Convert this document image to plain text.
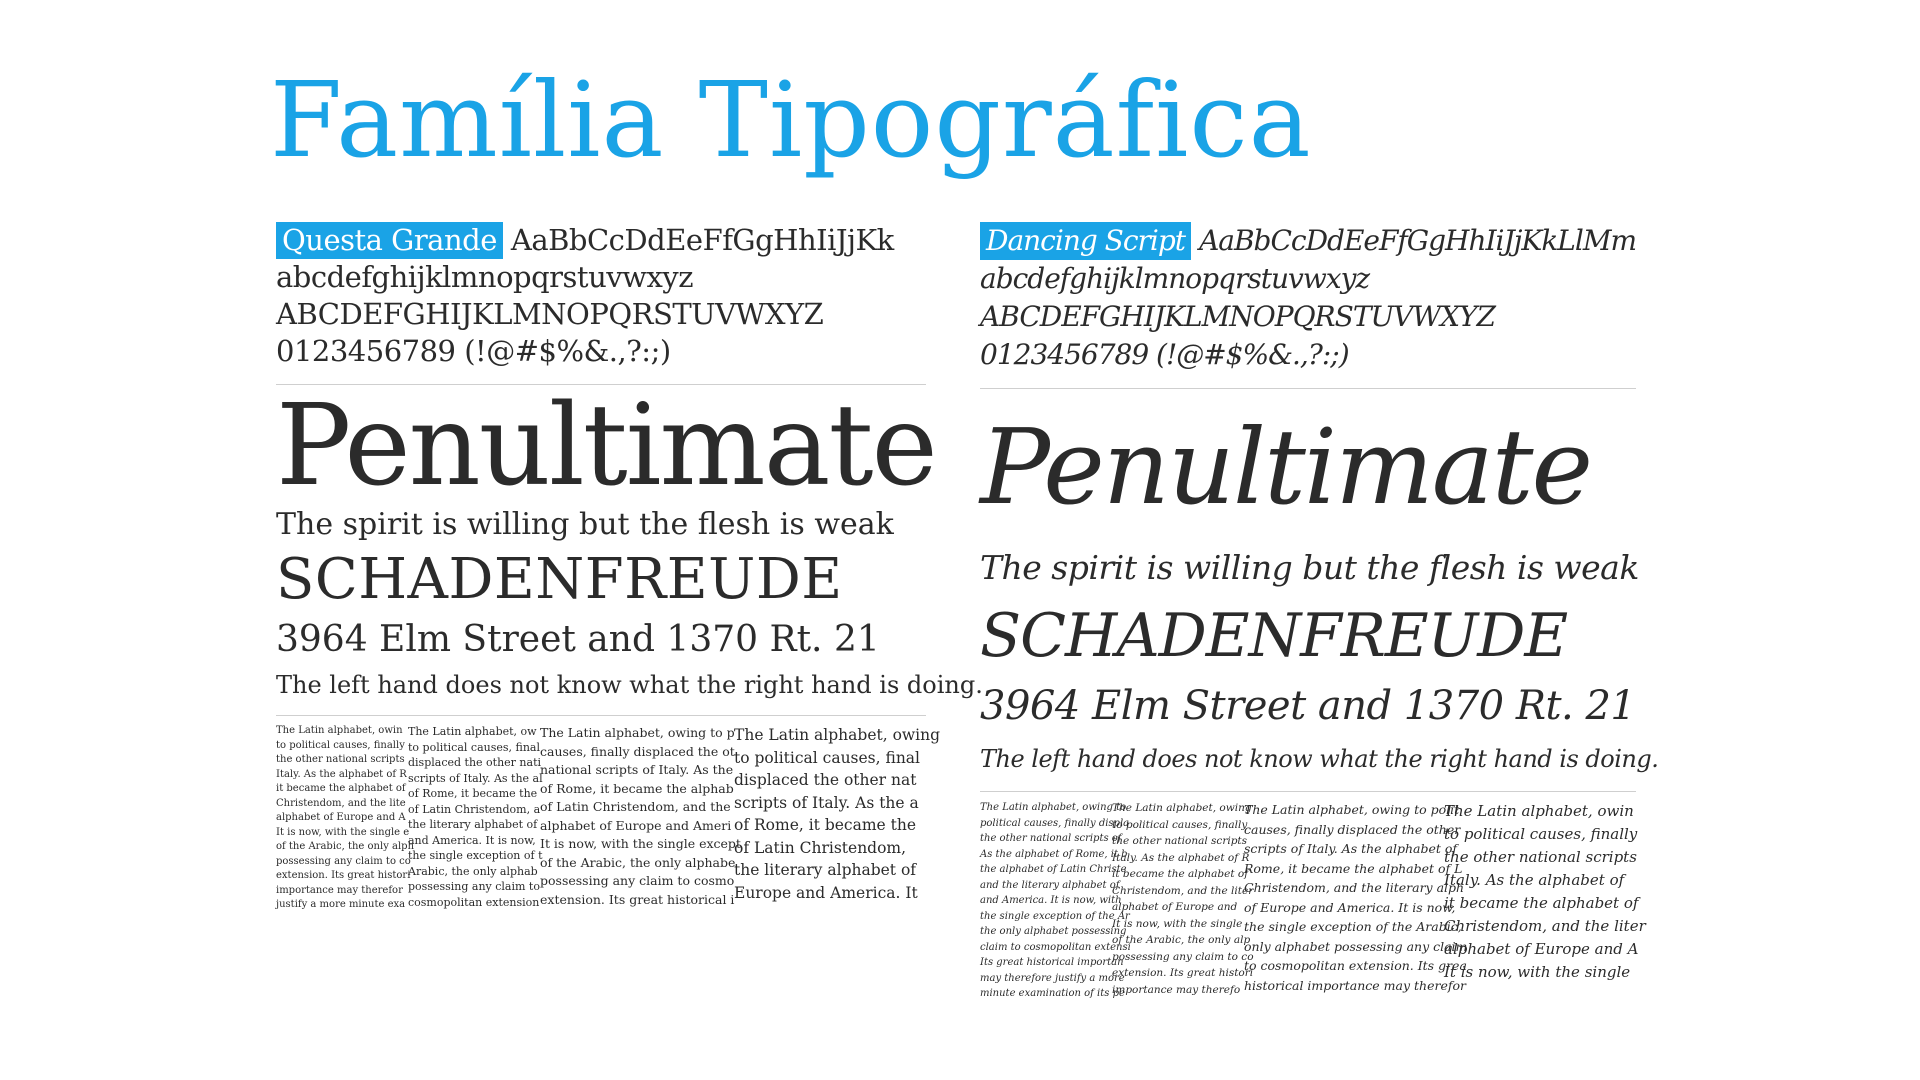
Família Tipográfica
Questa Grande AaBbCcDdEeFfGgHhIiJjKk
abcdefghijklmnopqrstuvwxyz
ABCDEFGHIJKLMNOPQRSTUVWXYZ
0123456789 (!@#$%&.,?:;)
Penultimate
The spirit is willing but the flesh is weak
SCHADENFREUDE
3964 Elm Street and 1370 Rt. 21
The left hand does not know what the right hand is doing.

The Latin alphabet, owin
to political causes, finally
the other national scripts
Italy. As the alphabet of R
it became the alphabet of
Christendom, and the lite
alphabet of Europe and A
It is now, with the single e
of the Arabic, the only alph
possessing any claim to co
extension. Its great histori
importance may therefor
justify a more minute exa

The Latin alphabet, ow
to political causes, final
displaced the other nati
scripts of Italy. As the al
of Rome, it became the
of Latin Christendom, a
the literary alphabet of
and America. It is now,
the single exception of t
Arabic, the only alphab
possessing any claim to
cosmopolitan extension

The Latin alphabet, owing to p
causes, finally displaced the ot
national scripts of Italy. As the
of Rome, it became the alphab
of Latin Christendom, and the
alphabet of Europe and Ameri
It is now, with the single except
of the Arabic, the only alphabe
possessing any claim to cosmo
extension. Its great historical i

The Latin alphabet, owing
to political causes, final
displaced the other nat
scripts of Italy. As the a
of Rome, it became the
of Latin Christendom,
the literary alphabet of
Europe and America. It

Dancing Script AaBbCcDdEeFfGgHhIiJjKkLlMm
abcdefghijklmnopqrstuvwxyz
ABCDEFGHIJKLMNOPQRSTUVWXYZ
0123456789 (!@#$%&.,?:;)
Penultimate
The spirit is willing but the flesh is weak
SCHADENFREUDE
3964 Elm Street and 1370 Rt. 21
The left hand does not know what the right hand is doing.

The Latin alphabet, owing to
political causes, finally displa
the other national scripts of
As the alphabet of Rome, it b
the alphabet of Latin Christe
and the literary alphabet of
and America. It is now, with
the single exception of the Ar
the only alphabet possessing
claim to cosmopolitan extensi
Its great historical importan
may therefore justify a more
minute examination of its pe

The Latin alphabet, owing
to political causes, finally
the other national scripts
Italy. As the alphabet of R
it became the alphabet of
Christendom, and the liter
alphabet of Europe and
It is now, with the single
of the Arabic, the only alp
possessing any claim to co
extension. Its great histori
importance may therefo

The Latin alphabet, owing to polit
causes, finally displaced the other
scripts of Italy. As the alphabet of
Rome, it became the alphabet of L
Christendom, and the literary alph
of Europe and America. It is now,
the single exception of the Arabic,
only alphabet possessing any claim
to cosmopolitan extension. Its grea
historical importance may therefor

The Latin alphabet, owin
to political causes, finally
the other national scripts
Italy. As the alphabet of
it became the alphabet of
Christendom, and the liter
alphabet of Europe and A
It is now, with the single
